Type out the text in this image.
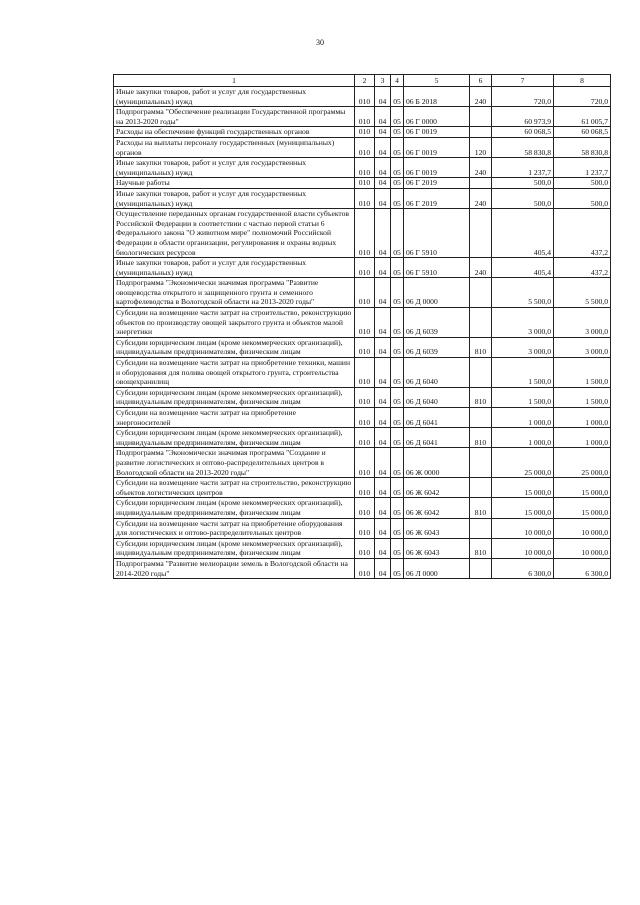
30
1	2	3	4	5	6	7	8
Иные закупки товаров, работ и услуг для государственных (муниципальных) нужд	010	04	05	06 Б 2018	240	720,0	720,0
Подпрограмма "Обеспечение реализации Государственной программы на 2013-2020 годы"	010	04	05	06 Г 0000		60 973,9	61 005,7
Расходы на обеспечение функций государственных органов	010	04	05	06 Г 0019		60 068,5	60 068,5
Расходы на выплаты персоналу государственных (муниципальных) органов	010	04	05	06 Г 0019	120	58 830,8	58 830,8
Иные закупки товаров, работ и услуг для государственных (муниципальных) нужд	010	04	05	06 Г 0019	240	1 237,7	1 237,7
Научные работы	010	04	05	06 Г 2019		500,0	500,0
Иные закупки товаров, работ и услуг для государственных (муниципальных) нужд	010	04	05	06 Г 2019	240	500,0	500,0
Осуществление переданных органам государственной власти субъектов Российской Федерации в соответствии с частью первой статьи 6 Федерального закона "О животном мире" полномочий Российской Федерации в области организации, регулирования и охраны водных биологических ресурсов	010	04	05	06 Г 5910		405,4	437,2
Иные закупки товаров, работ и услуг для государственных (муниципальных) нужд	010	04	05	06 Г 5910	240	405,4	437,2
Подпрограмма "Экономически значимая программа "Развитие овощеводства открытого и защищенного грунта и семенного картофелеводства в Вологодской области на 2013-2020 годы"	010	04	05	06 Д 0000		5 500,0	5 500,0
Субсидии на возмещение части затрат на строительство, реконструкцию объектов по производству овощей закрытого грунта и объектов малой энергетики	010	04	05	06 Д 6039		3 000,0	3 000,0
Субсидии юридическим лицам (кроме некоммерческих организаций), индивидуальным предпринимателям, физическим лицам	010	04	05	06 Д 6039	810	3 000,0	3 000,0
Субсидии на возмещение части затрат на приобретение техники, машин и оборудования для полива овощей открытого грунта, строительства овощехранилищ	010	04	05	06 Д 6040		1 500,0	1 500,0
Субсидии юридическим лицам (кроме некоммерческих организаций), индивидуальным предпринимателям, физическим лицам	010	04	05	06 Д 6040	810	1 500,0	1 500,0
Субсидии на возмещение части затрат на приобретение энергоносителей	010	04	05	06 Д 6041		1 000,0	1 000,0
Субсидии юридическим лицам (кроме некоммерческих организаций), индивидуальным предпринимателям, физическим лицам	010	04	05	06 Д 6041	810	1 000,0	1 000,0
Подпрограмма "Экономически значимая программа "Создание и развитие логистических и оптово-распределительных центров в Вологодской области на 2013-2020 годы"	010	04	05	06 Ж 0000		25 000,0	25 000,0
Субсидии на возмещение части затрат на строительство, реконструкцию объектов логистических центров	010	04	05	06 Ж 6042		15 000,0	15 000,0
Субсидии юридическим лицам (кроме некоммерческих организаций), индивидуальным предпринимателям, физическим лицам	010	04	05	06 Ж 6042	810	15 000,0	15 000,0
Субсидии на возмещение части затрат на приобретение оборудования для логистических и оптово-распределительных центров	010	04	05	06 Ж 6043		10 000,0	10 000,0
Субсидии юридическим лицам (кроме некоммерческих организаций), индивидуальным предпринимателям, физическим лицам	010	04	05	06 Ж 6043	810	10 000,0	10 000,0
Подпрограмма "Развитие мелиорации земель в Вологодской области на 2014-2020 годы"	010	04	05	06 Л 0000		6 300,0	6 300,0
